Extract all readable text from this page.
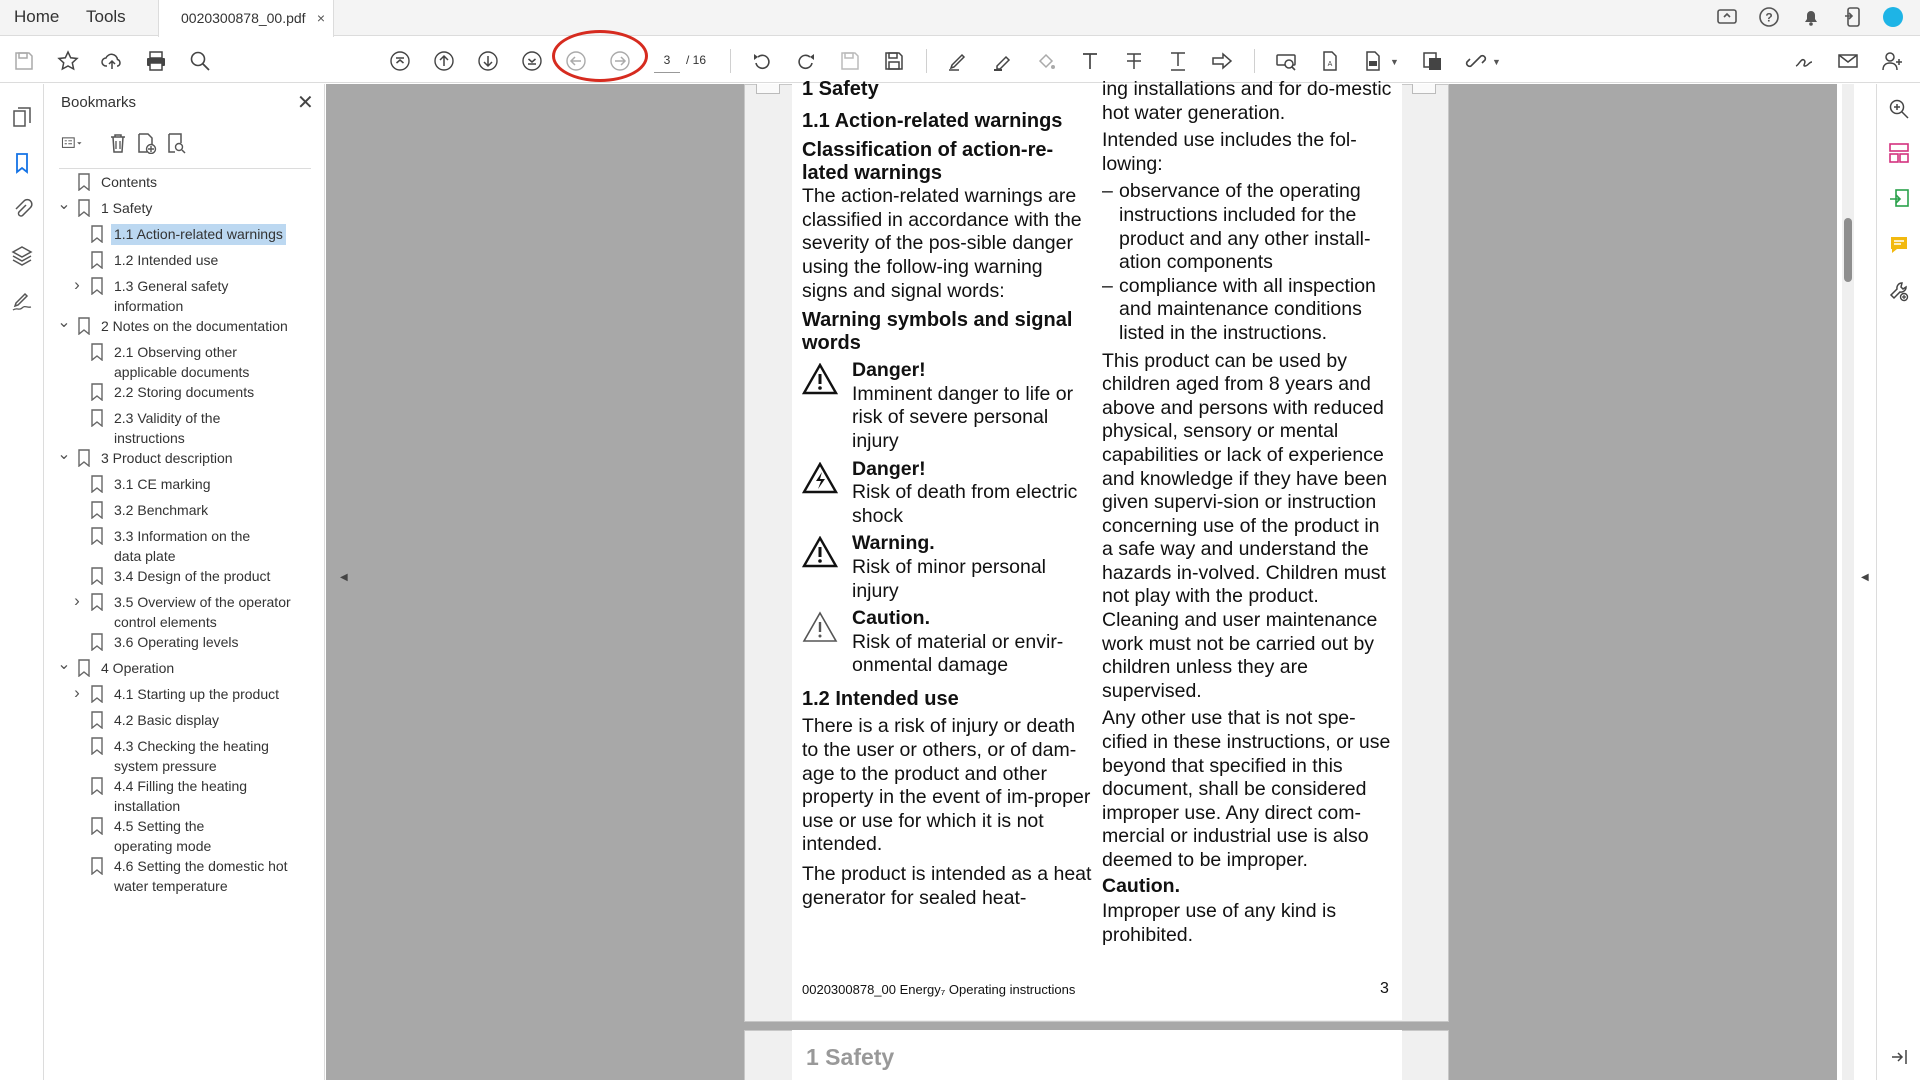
Home Tools	0020300878_00.pdf ×	?
3
/ 16	A	▼	▼
Bookmarks	✕
Contents
⌄ 1 Safety
1.1 Action-related warnings
1.2 Intended use
› 1.3 General safety
information
⌄ 2 Notes on the documentation
2.1 Observing other
applicable documents
2.2 Storing documents
2.3 Validity of the
instructions
⌄ 3 Product description
3.1 CE marking
3.2 Benchmark
3.3 Information on the
data plate
3.4 Design of the product
› 3.5 Overview of the operator
control elements
3.6 Operating levels
⌄ 4 Operation
› 4.1 Starting up the product
4.2 Basic display
4.3 Checking the heating
system pressure
4.4 Filling the heating
installation
4.5 Setting the
operating mode
4.6 Setting the domestic hot
water temperature
◀
1 Safety
1.1 Action-related warnings
Classification of action-re-
lated warnings
The action-related warnings are classified in accordance with the severity of the pos-sible danger using the follow-ing warning signs and signal words:
Warning symbols and signal words
Danger!
Imminent danger to life or risk of severe personal injury
Danger!
Risk of death from electric shock
Warning.
Risk of minor personal injury
Caution.
Risk of material or envir-onmental damage
1.2 Intended use
There is a risk of injury or death to the user or others, or of dam-age to the product and other property in the event of im-proper use or use for which it is not intended.
The product is intended as a heat generator for sealed heat-
ing installations and for do-mestic hot water generation.
Intended use includes the fol-lowing:
– observance of the operating instructions included for the product and any other install-ation components
– compliance with all inspection and maintenance conditions listed in the instructions.
This product can be used by children aged from 8 years and above and persons with reduced physical, sensory or mental capabilities or lack of experience and knowledge if they have been given supervi-sion or instruction concerning use of the product in a safe way and understand the hazards in-volved. Children must not play with the product. Cleaning and user maintenance work must not be carried out by children unless they are supervised.
Any other use that is not spe-cified in these instructions, or use beyond that specified in this document, shall be considered improper use. Any direct com-mercial or industrial use is also deemed to be improper.
Caution.
Improper use of any kind is prohibited.
0020300878_00 Energy₇ Operating instructions	3
1 Safety
◀
